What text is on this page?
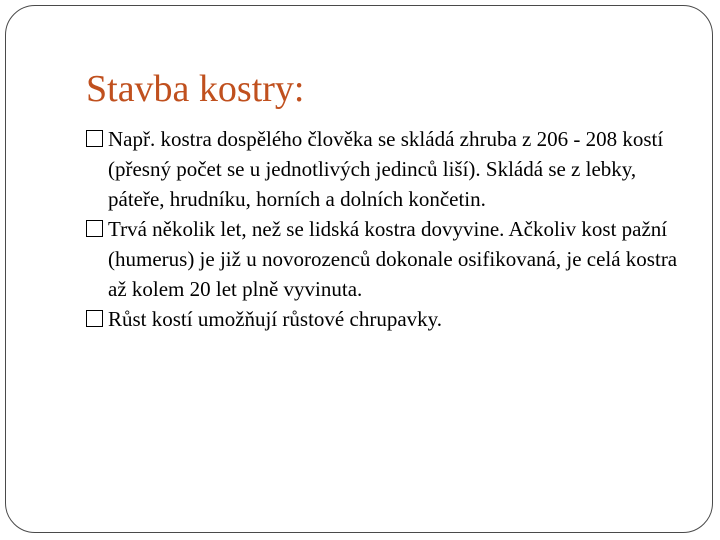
Stavba kostry:
Např. kostra dospělého člověka se skládá zhruba z 206 - 208 kostí (přesný počet se u jednotlivých jedinců liší). Skládá se z lebky, páteře, hrudníku, horních a dolních končetin.
Trvá několik let, než se lidská kostra dovyvine. Ačkoliv kost pažní (humerus) je již u novorozenců dokonale osifikovaná, je celá kostra až kolem 20 let plně vyvinuta.
Růst kostí umožňují růstové chrupavky.
